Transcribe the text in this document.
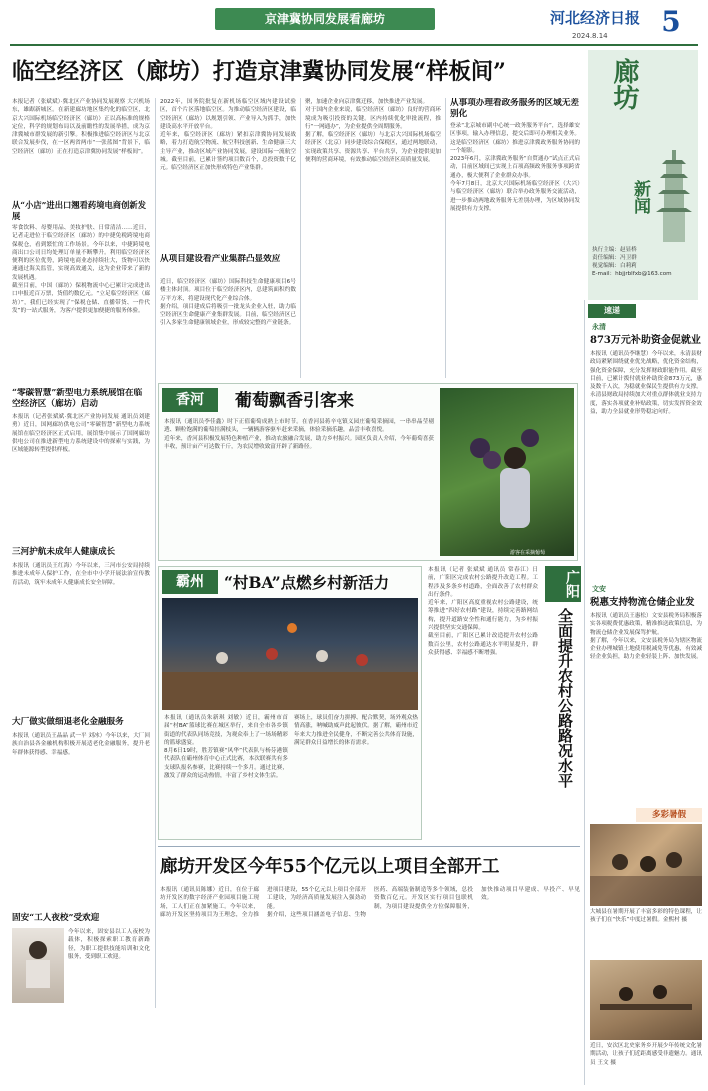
京津冀协同发展看廊坊	河北经济日报
2024.8.14	5
临空经济区（廊坊）打造京津冀协同发展“样板间”	廊坊
新闻
执行主编：赵显桥
责任编辑：冯卫群
视觉编辑：白莉莉
E-mail：hbjjrblfxb@163.com
速递
永清
873万元补助资金促就业
本报讯（通讯员李继慧）今年以来，永清县财政局紧紧围绕就业优先战略，优化资金结构，强化资金保障，充分发挥财政职能作用。截至目前，已累计拨付就业补助资金873万元，惠及数千人次，为稳就业保民生提供有力支撑。
永清县财政局持续加大对重点群体就业支持力度，落实各项就业补贴政策，切实发挥资金效益，助力全县就业形势稳定向好。
文安
税惠支持物流仓储企业发
本报讯（通讯员王惠松）文安县税务局积极落实各项税费优惠政策，精准推送政策信息，为物流仓储企业发展保驾护航。
据了解，今年以来，文安县税务局为辖区物流企业办理城镇土地使用税减免等优惠，有效减轻企业负担，助力企业轻装上阵、加快发展。
多彩暑假
大城县在暑期开展了丰富多彩的特色课程，让孩子们在“快乐”中度过暑假。金熙村 摄
近日，安次区北史家务乡开展少年传统文化暑期活动，让孩子们近距离感受非遗魅力。通讯员 王文 摄
本报记者（张斌斌）·冀北区产业协同发展观察 大兴机场东，雄踞新城区。在新建廊坊地区集约化的临空区，北京大兴国际机场临空经济区（廊坊）正以高标准的规格定位，科学的规划布局以及前瞻性的发展举措，成为京津冀城市群发展的新引擎。积极推进临空经济区与北京联合发展步伐，在一区两省两市“一张蓝图”背景下，临空经济区（廊坊）正在打造京津冀协同发展“样板间”。
从“小店”进出口翘看药境电商创新发展
零食饮料、母婴用品、美妆护肤、日常清洁……近日，记者走进位于临空经济区（廊坊）的中捷免税跨境电商保税仓，看到繁忙的工作场景。今年以来，中捷跨境电商出口公司日均处理订单量不断攀升。利用临空经济区便利的区位优势，跨境电商业态持续壮大，货物可以快速通过海关监管，实现高效通关，这为企业带来了新的发展机遇。
截至目前，中国（廊坊）保税物流中心已累计完成进出口申报近百万票，货值约数亿元。“立足临空经济区（廊坊）”，我们已经实现了“保税仓储、直播带货、一件代发”的一站式服务，为客户提供更加便捷的服务体验。
“零碳智慧”新型电力系统展馆在临空经济区（廊坊）启动
本报讯（记者张斌斌·冀北区产业协同发展 通讯员刘建勇）近日，国网廊坊供电公司“零碳智慧”新型电力系统展馆在临空经济区正式启用，展馆集中展示了国网廊坊供电公司在推进新型电力系统建设中的探索与实践，为区域能源转型提供样板。
三河护航未成年人健康成长
本报讯（通讯员王红海）今年以来，三河市公安局持续推进未成年人保护工作，在全市中小学开展法治宣传教育活动，筑牢未成年人健康成长安全屏障。
大厂做实做细退老化金融服务
本报讯（通讯员王晶晶 武一平 刘冰）今年以来，大厂回族自治县各金融机构积极开展适老化金融服务，提升老年群体获得感、幸福感。
固安“工人夜校”受欢迎
今年以来，固安县以工人夜校为载体，积极探索职工教育新路径，为职工提供技能培训和文化服务，受到职工欢迎。
2022年，国务院批复在新机场临空区域内建设试验区，首个片区落地临空区。为推动临空经济区建设，临空经济区（廊坊）以规划引领、产业导入为抓手，加快建设高水平开放平台。
近年来，临空经济区（廊坊）紧扣京津冀协同发展战略，着力打造航空物流、航空科技创新、生命健康三大主导产业，推动区域产业协同发展，建设国际一流航空城。截至目前，已累计签约项目数百个，总投资数千亿元。临空经济区正加快形成特色产业集群。
从项目建设看产业集群凸显效应
近日，临空经济区（廊坊）国际科技生命健康项目6号楼主体封顶。项目位于临空经济区内，总建筑面积约数万平方米，将建设现代化产业综合体。
据介绍，项目建成后将吸引一批龙头企业入驻，助力临空经济区生命健康产业集群发展。目前，临空经济区已引入多家生命健康领域企业，形成较完整的产业链条。
聚，加速企业向京津冀迁移，加快推进产业发展。
对于国内企业来说，临空经济区（廊坊）良好的营商环境成为吸引投资的关键。区内持续优化审批流程，推行“一网通办”，为企业提供全周期服务。
据了解，临空经济区（廊坊）与北京大兴国际机场临空经济区（北京）同步建设综合保税区，通过两地联动，实现政策共享、资源共享、平台共享，为企业提供更加便利的营商环境，有效推动临空经济区高质量发展。
从事项办理看政务服务的区域无差别化
登录“北京城市副中心统一政务服务平台”，选择雄安区事项，输入办理信息，提交后即可办理相关业务。这是临空经济区（廊坊）推进京津冀政务服务协同的一个缩影。
2023年6月，京津冀政务服务“自贸通办”试点正式启动，目前区域间已实现上百项高频政务服务事项跨省通办，极大便利了企业群众办事。
今年7月8日，北京大兴国际机场临空经济区（大兴）与临空经济区（廊坊）联合举办政务服务交流活动，进一步推动两地政务服务无差别办理，为区域协同发展提供有力支撑。
香河	葡萄飘香引客来
本报讯（通讯员李佳鑫）时下正值葡萄成熟上市时节。在香河县蒋辛屯镇义园庄葡萄采摘园，一串串晶莹剔透、颗粒饱满的葡萄挂满枝头，一辆辆游客驱车赶来采摘，体验采摘乐趣，品尝丰收喜悦。
近年来，香河县积极发展特色种植产业，推动农旅融合发展，助力乡村振兴。园区负责人介绍，今年葡萄喜获丰收，预计亩产可达数千斤，为农民增收致富开辟了新路径。
游客在采摘葡萄
霸州	“村BA”点燃乡村新活力
本报讯（通讯员朱新琪 刘敏）近日，霸州市首届“村BA”篮球比赛在城区举行，来自全市各乡镇街道的代表队同场竞技，为观众奉上了一场场精彩的篮球盛宴。
8月6日19时，胜芳镇赛“风华”代表队与杨芬港镇代表队在霸州体育中心正式比赛，本次联赛共有多支球队报名参赛，比赛持续一个多月。通过比赛，激发了群众的运动热情，丰富了乡村文体生活。
赛场上，球员们奋力拼搏、配合默契，场外观众热情高涨，呐喊助威声此起彼伏。据了解，霸州市近年来大力推进全民健身，不断完善公共体育设施，满足群众日益增长的体育需求。
本报讯（记者 张斌斌 通讯员 常春江）日前，广阳区完成农村公路提升改造工程。工程涉及多条乡村道路，全面改善了农村群众出行条件。
近年来，广阳区高度重视农村公路建设，统筹推进“四好农村路”建设，持续完善路网结构，提升道路安全性和通行能力，为乡村振兴提供坚实交通保障。
截至目前，广阳区已累计改造提升农村公路数百公里，农村公路通达水平明显提升，群众获得感、幸福感不断增强。
广阳
全面提升农村公路路况水平
廊坊开发区今年55个亿元以上项目全部开工
本报讯（通讯员陈娜）近日，在位于廊坊开发区的数字经济产业园项目施工现场，工人们正在加紧施工。今年以来，廊坊开发区坚持项目为王理念，全力推进项目建设，55个亿元以上项目全部开工建设，为经济高质量发展注入强劲动能。
据介绍，这些项目涵盖电子信息、生物医药、高端装备制造等多个领域，总投资数百亿元。开发区实行项目包联机制，为项目建设提供全方位保障服务，加快推动项目早建成、早投产、早见效。
